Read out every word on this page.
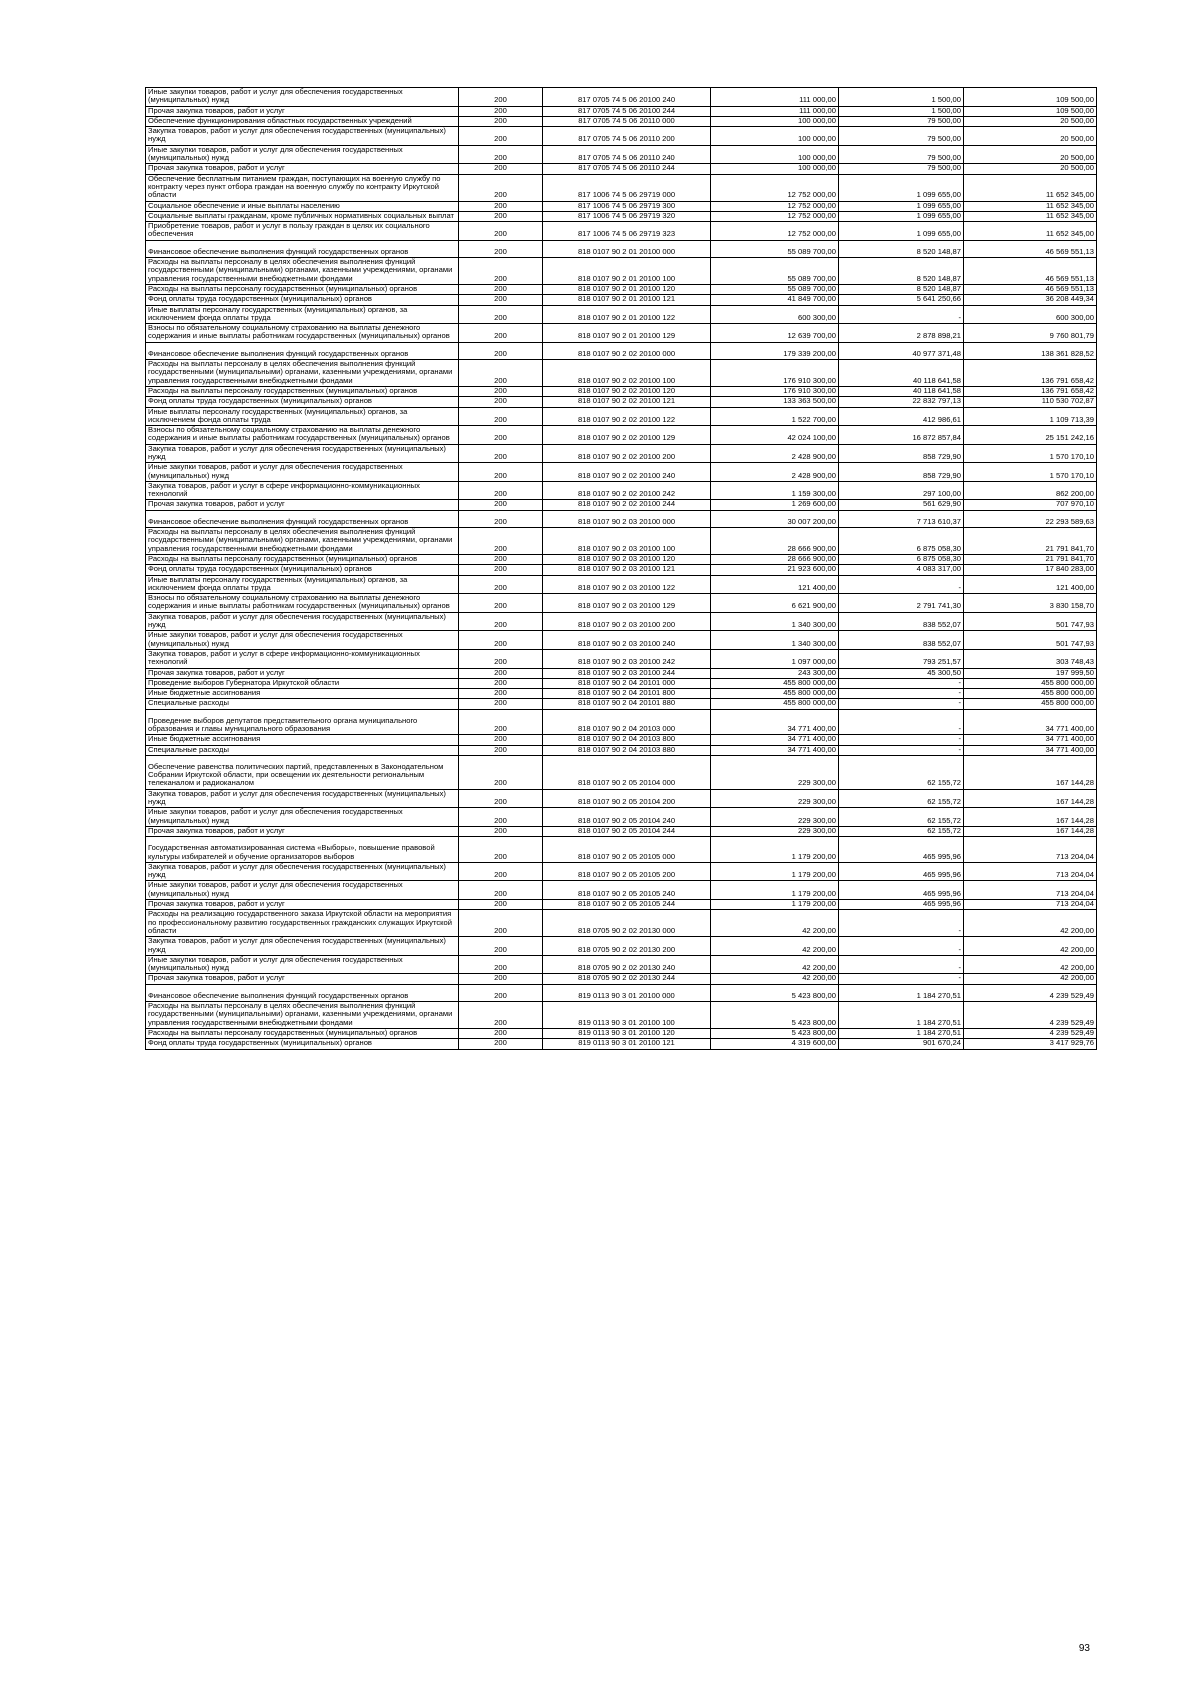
Иные закупки товаров, работ и услуг для обеспечения государственных (муниципальных) нужд	200	817 0705 74 5 06 20100 240	111 000,00	1 500,00	109 500,00
Прочая закупка товаров, работ и услуг	200	817 0705 74 5 06 20100 244	111 000,00	1 500,00	109 500,00
Обеспечение функционирования областных государственных учреждений	200	817 0705 74 5 06 20110 000	100 000,00	79 500,00	20 500,00
Закупка товаров, работ и услуг для обеспечения государственных (муниципальных) нужд	200	817 0705 74 5 06 20110 200	100 000,00	79 500,00	20 500,00
Иные закупки товаров, работ и услуг для обеспечения государственных (муниципальных) нужд	200	817 0705 74 5 06 20110 240	100 000,00	79 500,00	20 500,00
Прочая закупка товаров, работ и услуг	200	817 0705 74 5 06 20110 244	100 000,00	79 500,00	20 500,00
Обеспечение бесплатным питанием граждан, поступающих на военную службу по контракту через пункт отбора граждан на военную службу по контракту Иркутской области	200	817 1006 74 5 06 29719 000	12 752 000,00	1 099 655,00	11 652 345,00
Социальное обеспечение и иные выплаты населению	200	817 1006 74 5 06 29719 300	12 752 000,00	1 099 655,00	11 652 345,00
Социальные выплаты гражданам, кроме публичных нормативных социальных выплат	200	817 1006 74 5 06 29719 320	12 752 000,00	1 099 655,00	11 652 345,00
Приобретение товаров, работ и услуг в пользу граждан в целях их социального обеспечения	200	817 1006 74 5 06 29719 323	12 752 000,00	1 099 655,00	11 652 345,00
Финансовое обеспечение выполнения функций государственных органов	200	818 0107 90 2 01 20100 000	55 089 700,00	8 520 148,87	46 569 551,13
Расходы на выплаты персоналу в целях обеспечения выполнения функций государственными (муниципальными) органами, казенными учреждениями, органами управления государственными внебюджетными фондами	200	818 0107 90 2 01 20100 100	55 089 700,00	8 520 148,87	46 569 551,13
Расходы на выплаты персоналу государственных (муниципальных) органов	200	818 0107 90 2 01 20100 120	55 089 700,00	8 520 148,87	46 569 551,13
Фонд оплаты труда государственных (муниципальных) органов	200	818 0107 90 2 01 20100 121	41 849 700,00	5 641 250,66	36 208 449,34
Иные выплаты персоналу государственных (муниципальных) органов, за исключением фонда оплаты труда	200	818 0107 90 2 01 20100 122	600 300,00	-	600 300,00
Взносы по обязательному социальному страхованию на выплаты денежного содержания и иные выплаты работникам государственных (муниципальных) органов	200	818 0107 90 2 01 20100 129	12 639 700,00	2 878 898,21	9 760 801,79
Финансовое обеспечение выполнения функций государственных органов	200	818 0107 90 2 02 20100 000	179 339 200,00	40 977 371,48	138 361 828,52
Расходы на выплаты персоналу в целях обеспечения выполнения функций государственными (муниципальными) органами, казенными учреждениями, органами управления государственными внебюджетными фондами	200	818 0107 90 2 02 20100 100	176 910 300,00	40 118 641,58	136 791 658,42
Расходы на выплаты персоналу государственных (муниципальных) органов	200	818 0107 90 2 02 20100 120	176 910 300,00	40 118 641,58	136 791 658,42
Фонд оплаты труда государственных (муниципальных) органов	200	818 0107 90 2 02 20100 121	133 363 500,00	22 832 797,13	110 530 702,87
Иные выплаты персоналу государственных (муниципальных) органов, за исключением фонда оплаты труда	200	818 0107 90 2 02 20100 122	1 522 700,00	412 986,61	1 109 713,39
Взносы по обязательному социальному страхованию на выплаты денежного содержания и иные выплаты работникам государственных (муниципальных) органов	200	818 0107 90 2 02 20100 129	42 024 100,00	16 872 857,84	25 151 242,16
Закупка товаров, работ и услуг для обеспечения государственных (муниципальных) нужд	200	818 0107 90 2 02 20100 200	2 428 900,00	858 729,90	1 570 170,10
Иные закупки товаров, работ и услуг для обеспечения государственных (муниципальных) нужд	200	818 0107 90 2 02 20100 240	2 428 900,00	858 729,90	1 570 170,10
Закупка товаров, работ и услуг в сфере информационно-коммуникационных технологий	200	818 0107 90 2 02 20100 242	1 159 300,00	297 100,00	862 200,00
Прочая закупка товаров, работ и услуг	200	818 0107 90 2 02 20100 244	1 269 600,00	561 629,90	707 970,10
Финансовое обеспечение выполнения функций государственных органов	200	818 0107 90 2 03 20100 000	30 007 200,00	7 713 610,37	22 293 589,63
Расходы на выплаты персоналу в целях обеспечения выполнения функций государственными (муниципальными) органами, казенными учреждениями, органами управления государственными внебюджетными фондами	200	818 0107 90 2 03 20100 100	28 666 900,00	6 875 058,30	21 791 841,70
Расходы на выплаты персоналу государственных (муниципальных) органов	200	818 0107 90 2 03 20100 120	28 666 900,00	6 875 058,30	21 791 841,70
Фонд оплаты труда государственных (муниципальных) органов	200	818 0107 90 2 03 20100 121	21 923 600,00	4 083 317,00	17 840 283,00
Иные выплаты персоналу государственных (муниципальных) органов, за исключением фонда оплаты труда	200	818 0107 90 2 03 20100 122	121 400,00	-	121 400,00
Взносы по обязательному социальному страхованию на выплаты денежного содержания и иные выплаты работникам государственных (муниципальных) органов	200	818 0107 90 2 03 20100 129	6 621 900,00	2 791 741,30	3 830 158,70
Закупка товаров, работ и услуг для обеспечения государственных (муниципальных) нужд	200	818 0107 90 2 03 20100 200	1 340 300,00	838 552,07	501 747,93
Иные закупки товаров, работ и услуг для обеспечения государственных (муниципальных) нужд	200	818 0107 90 2 03 20100 240	1 340 300,00	838 552,07	501 747,93
Закупка товаров, работ и услуг в сфере информационно-коммуникационных технологий	200	818 0107 90 2 03 20100 242	1 097 000,00	793 251,57	303 748,43
Прочая закупка товаров, работ и услуг	200	818 0107 90 2 03 20100 244	243 300,00	45 300,50	197 999,50
Проведение выборов Губернатора Иркутской области	200	818 0107 90 2 04 20101 000	455 800 000,00	-	455 800 000,00
Иные бюджетные ассигнования	200	818 0107 90 2 04 20101 800	455 800 000,00	-	455 800 000,00
Специальные расходы	200	818 0107 90 2 04 20101 880	455 800 000,00	-	455 800 000,00
Проведение выборов депутатов представительного органа муниципального образования и главы муниципального образования	200	818 0107 90 2 04 20103 000	34 771 400,00	-	34 771 400,00
Иные бюджетные ассигнования	200	818 0107 90 2 04 20103 800	34 771 400,00	-	34 771 400,00
Специальные расходы	200	818 0107 90 2 04 20103 880	34 771 400,00	-	34 771 400,00
Обеспечение равенства политических партий, представленных в Законодательном Собрании Иркутской области, при освещении их деятельности региональным телеканалом и радиоканалом	200	818 0107 90 2 05 20104 000	229 300,00	62 155,72	167 144,28
Закупка товаров, работ и услуг для обеспечения государственных (муниципальных) нужд	200	818 0107 90 2 05 20104 200	229 300,00	62 155,72	167 144,28
Иные закупки товаров, работ и услуг для обеспечения государственных (муниципальных) нужд	200	818 0107 90 2 05 20104 240	229 300,00	62 155,72	167 144,28
Прочая закупка товаров, работ и услуг	200	818 0107 90 2 05 20104 244	229 300,00	62 155,72	167 144,28
Государственная автоматизированная система «Выборы», повышение правовой культуры избирателей и обучение организаторов выборов	200	818 0107 90 2 05 20105 000	1 179 200,00	465 995,96	713 204,04
Закупка товаров, работ и услуг для обеспечения государственных (муниципальных) нужд	200	818 0107 90 2 05 20105 200	1 179 200,00	465 995,96	713 204,04
Иные закупки товаров, работ и услуг для обеспечения государственных (муниципальных) нужд	200	818 0107 90 2 05 20105 240	1 179 200,00	465 995,96	713 204,04
Прочая закупка товаров, работ и услуг	200	818 0107 90 2 05 20105 244	1 179 200,00	465 995,96	713 204,04
Расходы на реализацию государственного заказа Иркутской области на мероприятия по профессиональному развитию государственных гражданских служащих Иркутской области	200	818 0705 90 2 02 20130 000	42 200,00	-	42 200,00
Закупка товаров, работ и услуг для обеспечения государственных (муниципальных) нужд	200	818 0705 90 2 02 20130 200	42 200,00	-	42 200,00
Иные закупки товаров, работ и услуг для обеспечения государственных (муниципальных) нужд	200	818 0705 90 2 02 20130 240	42 200,00	-	42 200,00
Прочая закупка товаров, работ и услуг	200	818 0705 90 2 02 20130 244	42 200,00	-	42 200,00
Финансовое обеспечение выполнения функций государственных органов	200	819 0113 90 3 01 20100 000	5 423 800,00	1 184 270,51	4 239 529,49
Расходы на выплаты персоналу в целях обеспечения выполнения функций государственными (муниципальными) органами, казенными учреждениями, органами управления государственными внебюджетными фондами	200	819 0113 90 3 01 20100 100	5 423 800,00	1 184 270,51	4 239 529,49
Расходы на выплаты персоналу государственных (муниципальных) органов	200	819 0113 90 3 01 20100 120	5 423 800,00	1 184 270,51	4 239 529,49
Фонд оплаты труда государственных (муниципальных) органов	200	819 0113 90 3 01 20100 121	4 319 600,00	901 670,24	3 417 929,76
93
